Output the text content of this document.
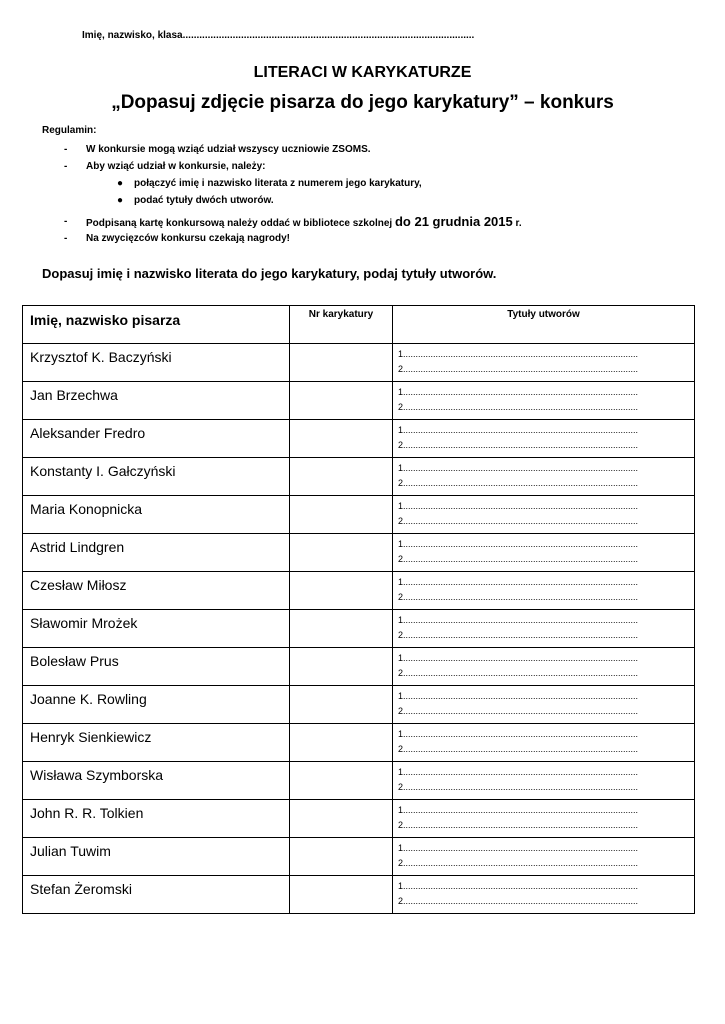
Imię, nazwisko, klasa.........................................................................................................
LITERACI W KARYKATURZE
„Dopasuj zdjęcie pisarza do jego karykatury” – konkurs
Regulamin:
- W konkursie mogą wziąć udział wszyscy uczniowie ZSOMS.
- Aby wziąć udział w konkursie, należy:
● połączyć imię i nazwisko literata z numerem jego karykatury,
● podać tytuły dwóch utworów.
- Podpisaną kartę konkursową należy oddać w bibliotece szkolnej do 21 grudnia 2015 r.
- Na zwycięzców konkursu czekają nagrody!
Dopasuj imię i nazwisko literata do jego karykatury, podaj tytuły utworów.
Imię, nazwisko pisarza	Nr karykatury	Tytuły utworów
Krzysztof K. Baczyński		1..............................................................................................
2..............................................................................................

Jan Brzechwa		1..............................................................................................
2..............................................................................................

Aleksander Fredro		1..............................................................................................
2..............................................................................................

Konstanty I. Gałczyński		1..............................................................................................
2..............................................................................................

Maria Konopnicka		1..............................................................................................
2..............................................................................................

Astrid Lindgren		1..............................................................................................
2..............................................................................................

Czesław Miłosz		1..............................................................................................
2..............................................................................................

Sławomir Mrożek		1..............................................................................................
2..............................................................................................

Bolesław Prus		1..............................................................................................
2..............................................................................................

Joanne K. Rowling		1..............................................................................................
2..............................................................................................

Henryk Sienkiewicz		1..............................................................................................
2..............................................................................................

Wisława Szymborska		1..............................................................................................
2..............................................................................................

John R. R. Tolkien		1..............................................................................................
2..............................................................................................

Julian Tuwim		1..............................................................................................
2..............................................................................................

Stefan Żeromski		1..............................................................................................
2..............................................................................................
